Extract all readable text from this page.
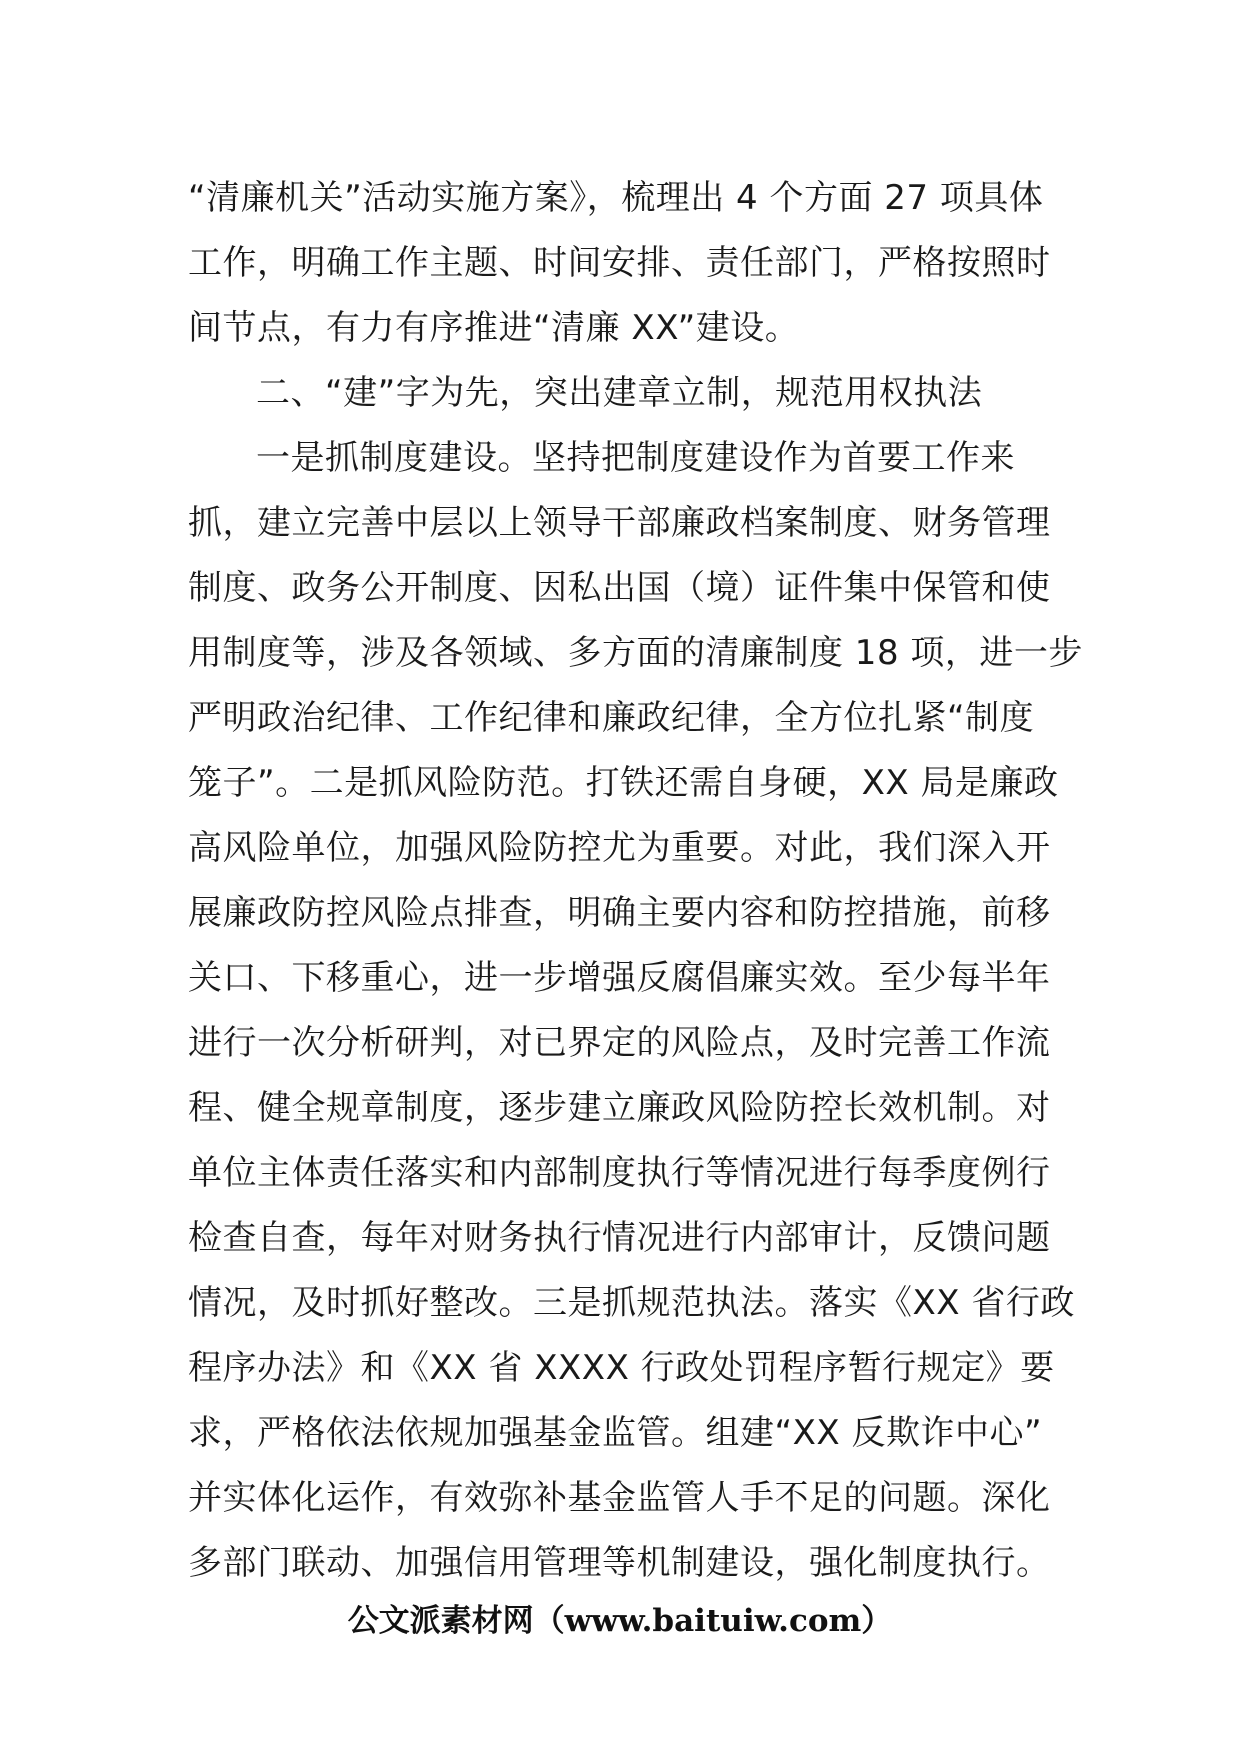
“清廉机关”活动实施方案》，梳理出 4 个方面 27 项具体
工作，明确工作主题、时间安排、责任部门，严格按照时
间节点，有力有序推进“清廉 XX”建设。
二、“建”字为先，突出建章立制，规范用权执法
一是抓制度建设。坚持把制度建设作为首要工作来
抓，建立完善中层以上领导干部廉政档案制度、财务管理
制度、政务公开制度、因私出国（境）证件集中保管和使
用制度等，涉及各领域、多方面的清廉制度 18 项，进一步
严明政治纪律、工作纪律和廉政纪律，全方位扎紧“制度
笼子”。二是抓风险防范。打铁还需自身硬，XX 局是廉政
高风险单位，加强风险防控尤为重要。对此，我们深入开
展廉政防控风险点排查，明确主要内容和防控措施，前移
关口、下移重心，进一步增强反腐倡廉实效。至少每半年
进行一次分析研判，对已界定的风险点，及时完善工作流
程、健全规章制度，逐步建立廉政风险防控长效机制。对
单位主体责任落实和内部制度执行等情况进行每季度例行
检查自查，每年对财务执行情况进行内部审计，反馈问题
情况，及时抓好整改。三是抓规范执法。落实《XX 省行政
程序办法》和《XX 省 XXXX 行政处罚程序暂行规定》要
求，严格依法依规加强基金监管。组建“XX 反欺诈中心”
并实体化运作，有效弥补基金监管人手不足的问题。深化
多部门联动、加强信用管理等机制建设，强化制度执行。
公文派素材网（www.baituiw.com）
